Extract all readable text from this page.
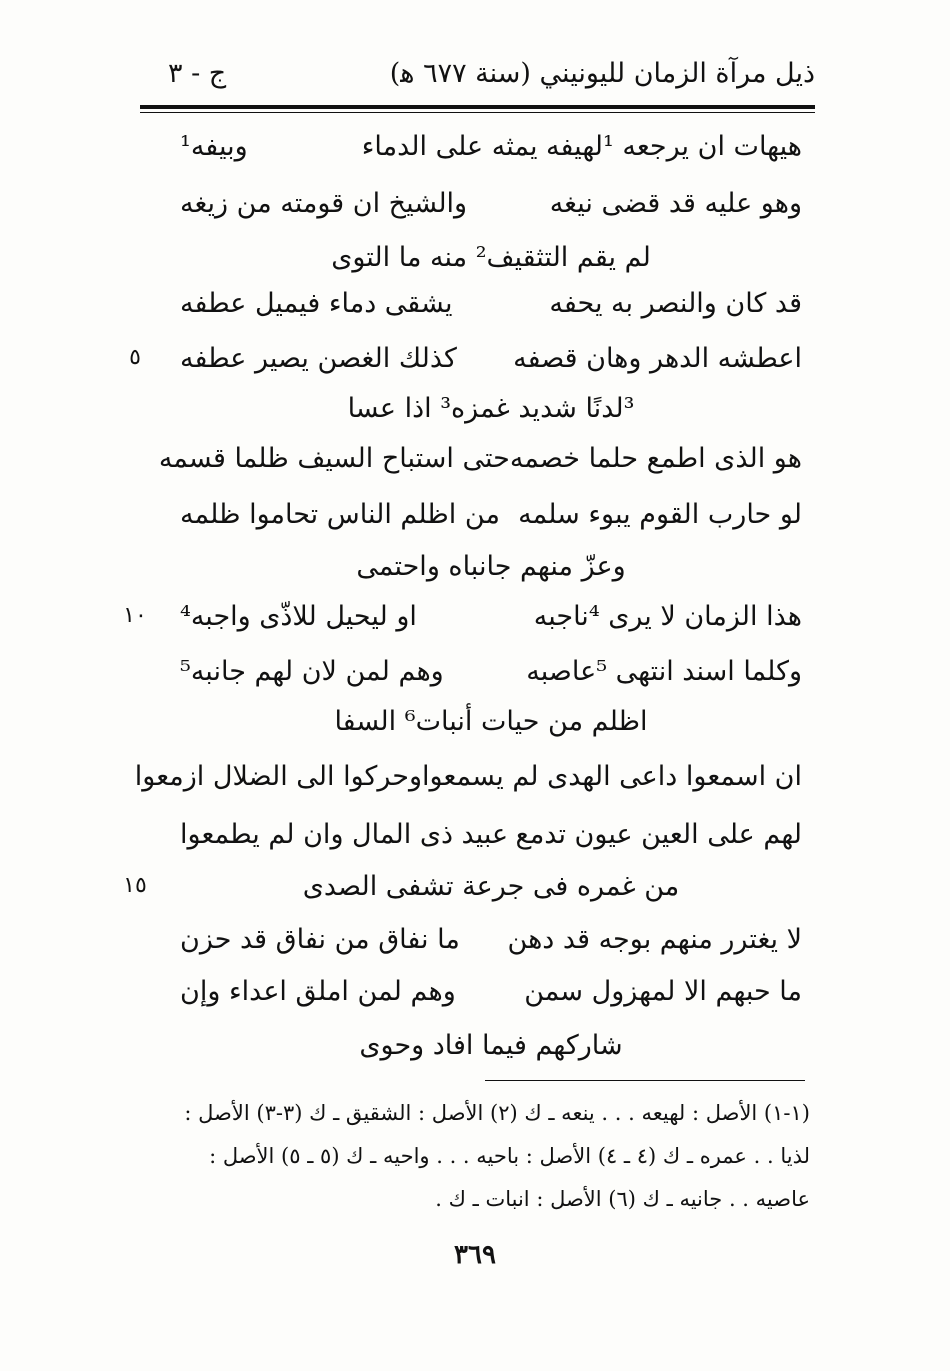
ذيل مرآة الزمان لليونيني (سنة ٦٧٧ ﻫ)
ج - ٣
هيهات ان يرجعه ¹لهيفه يمثه على الدماء
وبيفه¹
وهو عليه قد قضى نيغه
والشيخ ان قومته من زيغه
لم يقم التثقيف² منه ما التوى
قد كان والنصر به يحفه
يشقى دماء فيميل عطفه
اعطشه الدهر وهان قصفه
كذلك الغصن يصير عطفه
³لدنًا شديد غمزه³ اذا عسا
هو الذى اطمع حلما خصمه
حتى استباح السيف ظلما قسمه
لو حارب القوم يبوء سلمه
من اظلم الناس تحاموا ظلمه
وعزّ منهم جانباه واحتمى
هذا الزمان لا يرى ⁴ناجبه
او ليحيل للاذّى واجبه⁴
وكلما اسند انتهى ⁵عاصبه
وهم لمن لان لهم جانبه⁵
اظلم من حيات أنبات⁶ السفا
ان اسمعوا داعى الهدى لم يسمعوا
وحركوا الى الضلال ازمعوا
لهم على العين عيون تدمع
عبيد ذى المال وان لم يطمعوا
من غمره فى جرعة تشفى الصدى
لا يغترر منهم بوجه قد دهن
ما نفاق من نفاق قد حزن
ما حبهم الا لمهزول سمن
وهم لمن املق اعداء وإن
شاركهم فيما افاد وحوى
٥
١٠
١٥
(١-١) الأصل : لهيعه . . . ينعه ـ ك (٢) الأصل : الشقيق ـ ك (٣-٣) الأصل :
لذيا . . عمره ـ ك (٤ ـ ٤) الأصل : باحيه . . . واحيه ـ ك (٥ ـ ٥) الأصل :
عاصيه . . جانيه ـ ك (٦) الأصل : انبات ـ ك .
٣٦٩
